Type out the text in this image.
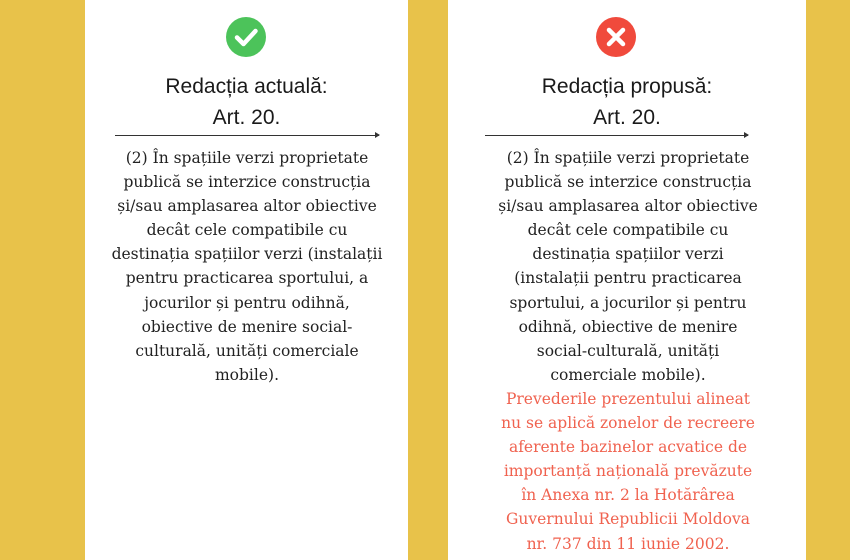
Redacția actuală:
Art. 20.
(2) În spațiile verzi proprietate
publică se interzice construcția
și/sau amplasarea altor obiective
decât cele compatibile cu
destinația spațiilor verzi (instalații
pentru practicarea sportului, a
jocurilor și pentru odihnă,
obiective de menire social-
culturală, unități comerciale
mobile).
Redacția propusă:
Art. 20.
(2) În spațiile verzi proprietate
publică se interzice construcția
și/sau amplasarea altor obiective
decât cele compatibile cu
destinația spațiilor verzi
(instalații pentru practicarea
sportului, a jocurilor și pentru
odihnă, obiective de menire
social-culturală, unități
comerciale mobile).
Prevederile prezentului alineat
nu se aplică zonelor de recreere
aferente bazinelor acvatice de
importanță națională prevăzute
în Anexa nr. 2 la Hotărârea
Guvernului Republicii Moldova
nr. 737 din 11 iunie 2002.
